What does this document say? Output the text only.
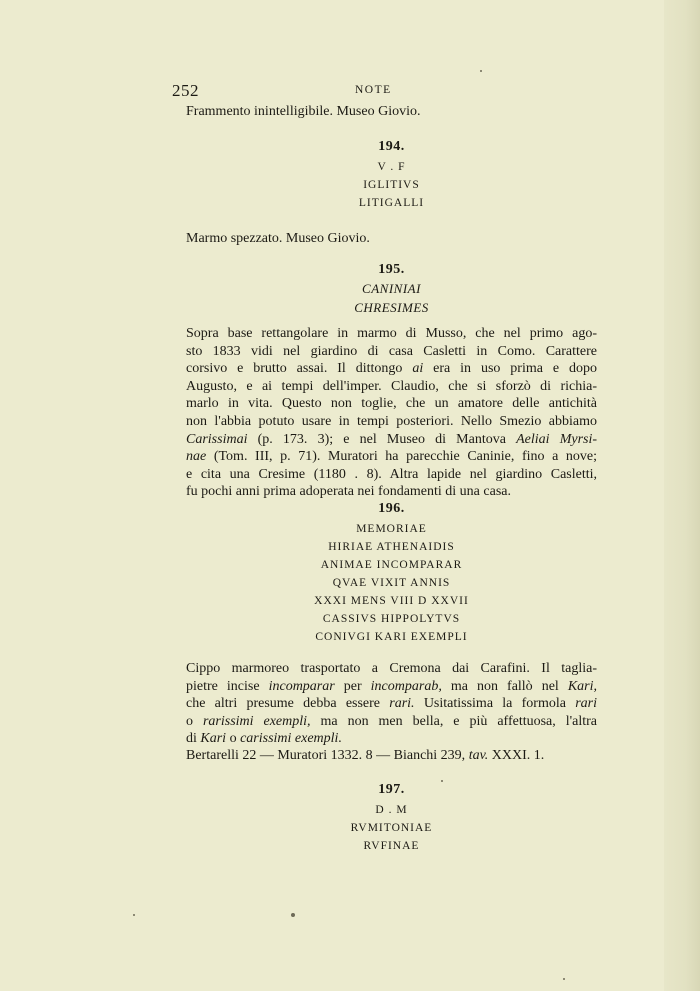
252	NOTE
Frammento inintelligibile. Museo Giovio.
194.
V . F
IGLITIVS
LITIGALLI
Marmo spezzato. Museo Giovio.
195.
CANINIAI
CHRESIMES
Sopra base rettangolare in marmo di Musso, che nel primo ago-
sto 1833 vidi nel giardino di casa Casletti in Como. Carattere
corsivo e brutto assai. Il dittongo ai era in uso prima e dopo
Augusto, e ai tempi dell'imper. Claudio, che si sforzò di richia-
marlo in vita. Questo non toglie, che un amatore delle antichità
non l'abbia potuto usare in tempi posteriori. Nello Smezio abbiamo
Carissimai (p. 173. 3); e nel Museo di Mantova Aeliai Myrsi-
nae (Tom. III, p. 71). Muratori ha parecchie Caninie, fino a nove;
e cita una Cresime (1180 . 8). Altra lapide nel giardino Casletti,
fu pochi anni prima adoperata nei fondamenti di una casa.
196.
MEMORIAE
HIRIAE ATHENAIDIS
ANIMAE INCOMPARAR
QVAE VIXIT ANNIS
XXXI MENS VIII D XXVII
CASSIVS HIPPOLYTVS
CONIVGI KARI EXEMPLI
Cippo marmoreo trasportato a Cremona dai Carafini. Il taglia-
pietre incise incomparar per incomparab, ma non fallò nel Kari,
che altri presume debba essere rari. Usitatissima la formola rari
o rarissimi exempli, ma non men bella, e più affettuosa, l'altra
di Kari o carissimi exempli.
Bertarelli 22 — Muratori 1332. 8 — Bianchi 239, tav. XXXI. 1.
197.
D . M
RVMITONIAE
RVFINAE
